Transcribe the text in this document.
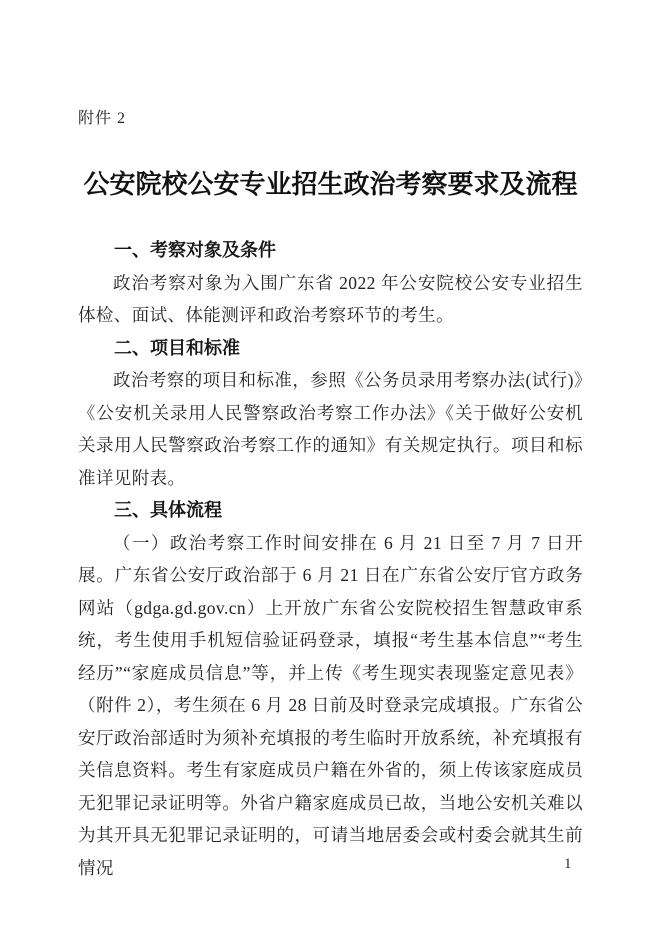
附件 2
公安院校公安专业招生政治考察要求及流程
一、考察对象及条件

政治考察对象为入围广东省 2022 年公安院校公安专业招生体检、面试、体能测评和政治考察环节的考生。

二、项目和标准

政治考察的项目和标准，参照《公务员录用考察办法(试行)》《公安机关录用人民警察政治考察工作办法》《关于做好公安机关录用人民警察政治考察工作的通知》有关规定执行。项目和标准详见附表。

三、具体流程

（一）政治考察工作时间安排在 6 月 21 日至 7 月 7 日开展。广东省公安厅政治部于 6 月 21 日在广东省公安厅官方政务网站（gdga.gd.gov.cn）上开放广东省公安院校招生智慧政审系统，考生使用手机短信验证码登录，填报“考生基本信息”“考生经历”“家庭成员信息”等，并上传《考生现实表现鉴定意见表》（附件 2），考生须在 6 月 28 日前及时登录完成填报。广东省公安厅政治部适时为须补充填报的考生临时开放系统，补充填报有关信息资料。考生有家庭成员户籍在外省的，须上传该家庭成员无犯罪记录证明等。外省户籍家庭成员已故，当地公安机关难以为其开具无犯罪记录证明的，可请当地居委会或村委会就其生前情况	1
